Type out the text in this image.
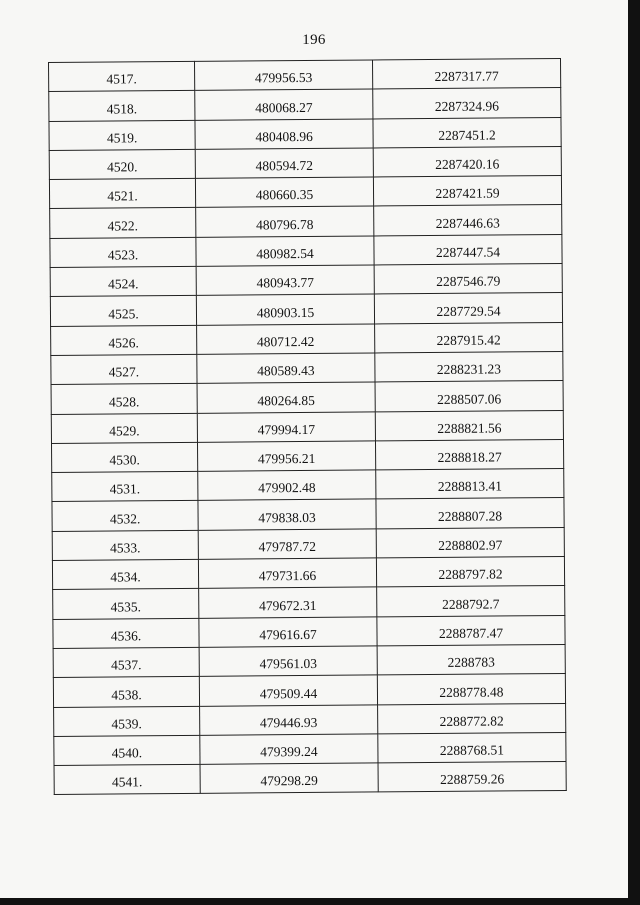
196
4517.	479956.53	2287317.77
4518.	480068.27	2287324.96
4519.	480408.96	2287451.2
4520.	480594.72	2287420.16
4521.	480660.35	2287421.59
4522.	480796.78	2287446.63
4523.	480982.54	2287447.54
4524.	480943.77	2287546.79
4525.	480903.15	2287729.54
4526.	480712.42	2287915.42
4527.	480589.43	2288231.23
4528.	480264.85	2288507.06
4529.	479994.17	2288821.56
4530.	479956.21	2288818.27
4531.	479902.48	2288813.41
4532.	479838.03	2288807.28
4533.	479787.72	2288802.97
4534.	479731.66	2288797.82
4535.	479672.31	2288792.7
4536.	479616.67	2288787.47
4537.	479561.03	2288783
4538.	479509.44	2288778.48
4539.	479446.93	2288772.82
4540.	479399.24	2288768.51
4541.	479298.29	2288759.26
